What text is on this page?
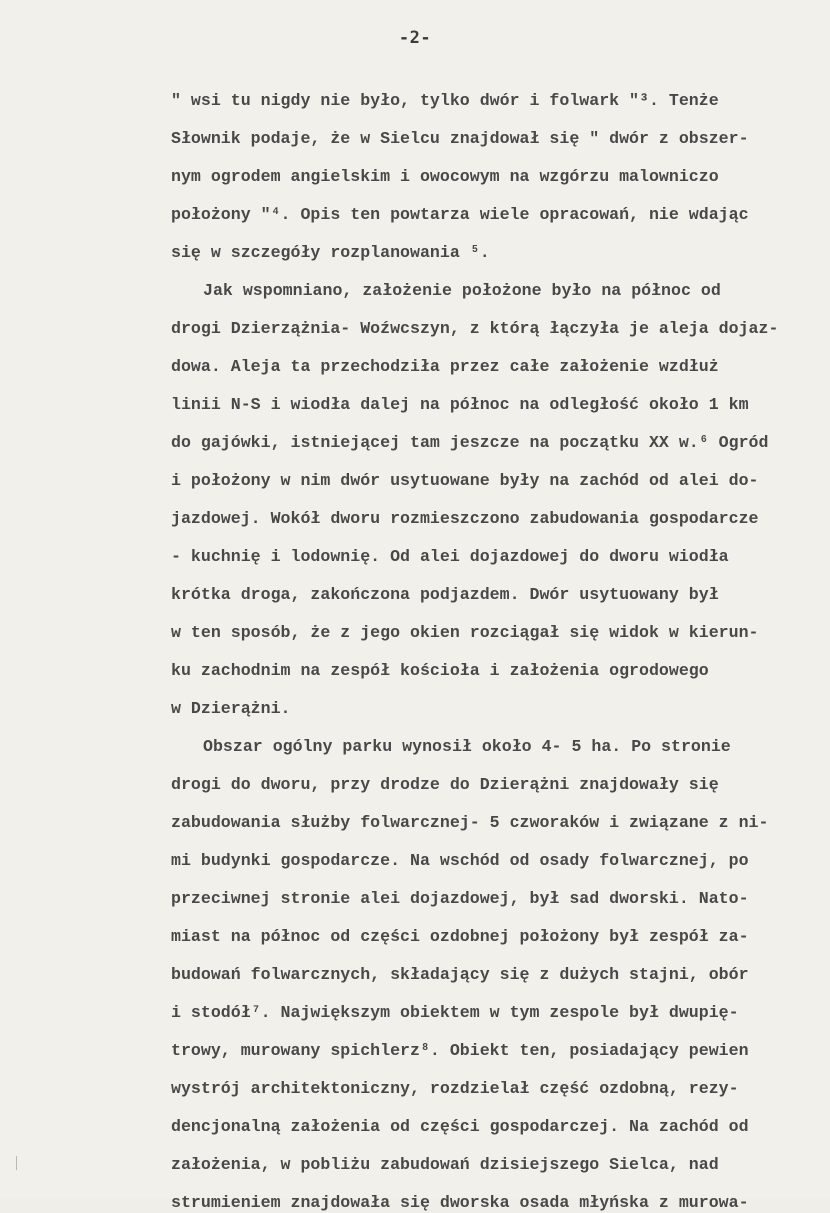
-2-
" wsi tu nigdy nie było, tylko dwór i folwark "³. Tenże
Słownik podaje, że w Sielcu znajdował się " dwór z obszer-
nym ogrodem angielskim i owocowym na wzgórzu malowniczo
położony "⁴. Opis ten powtarza wiele opracowań, nie wdając
się w szczegóły rozplanowania ⁵.
Jak wspomniano, założenie położone było na północ od
drogi Dzierzążnia- Woźwcszyn, z którą łączyła je aleja dojaz-
dowa. Aleja ta przechodziła przez całe założenie wzdłuż
linii N-S i wiodła dalej na północ na odległość około 1 km
do gajówki, istniejącej tam jeszcze na początku XX w.⁶ Ogród
i położony w nim dwór usytuowane były na zachód od alei do-
jazdowej. Wokół dworu rozmieszczono zabudowania gospodarcze
- kuchnię i lodownię. Od alei dojazdowej do dworu wiodła
krótka droga, zakończona podjazdem. Dwór usytuowany był
w ten sposób, że z jego okien rozciągał się widok w kierun-
ku zachodnim na zespół kościoła i założenia ogrodowego
w Dzierążni.
Obszar ogólny parku wynosił około 4- 5 ha. Po stronie
drogi do dworu, przy drodze do Dzierążni znajdowały się
zabudowania służby folwarcznej- 5 czworaków i związane z ni-
mi budynki gospodarcze. Na wschód od osady folwarcznej, po
przeciwnej stronie alei dojazdowej, był sad dworski. Nato-
miast na północ od części ozdobnej położony był zespół za-
budowań folwarcznych, składający się z dużych stajni, obór
i stodół⁷. Największym obiektem w tym zespole był dwupię-
trowy, murowany spichlerz⁸. Obiekt ten, posiadający pewien
wystrój architektoniczny, rozdzielał część ozdobną, rezy-
dencjonalną założenia od części gospodarczej. Na zachód od
założenia, w pobliżu zabudowań dzisiejszego Sielca, nad
strumieniem znajdowała się dworska osada młyńska z murowa-
